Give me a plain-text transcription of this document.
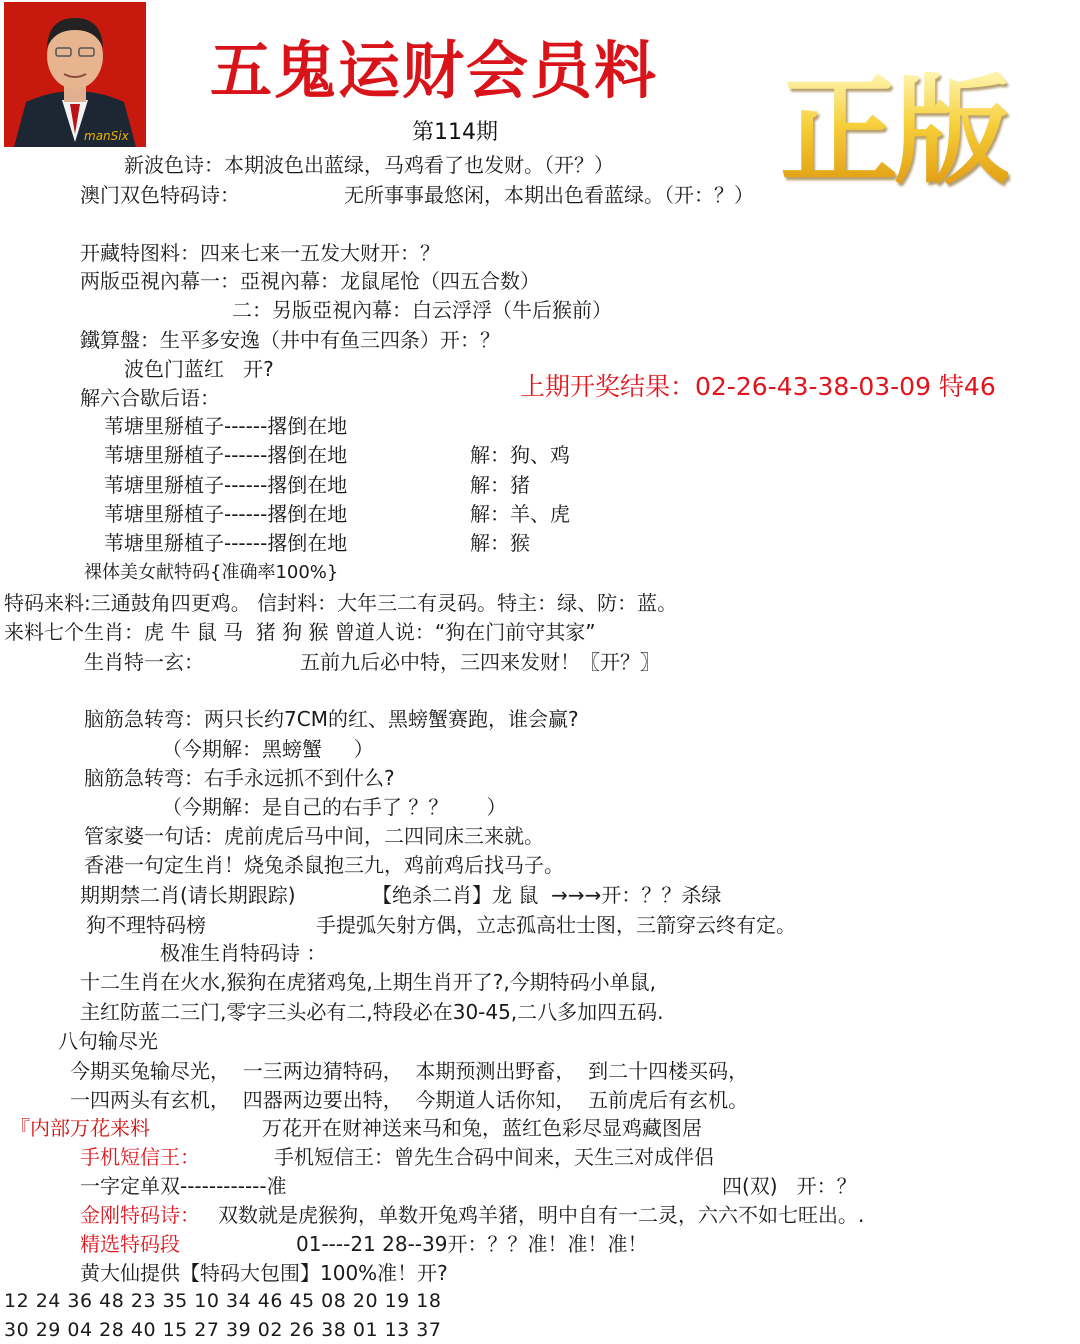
manSix
五鬼运财会员料
第114期 正版
上期开奖结果：02-26-43-38-03-09 特46
新波色诗：本期波色出蓝绿，马鸡看了也发财。（开？）
澳门双色特码诗：	无所事事最悠闲，本期出色看蓝绿。（开：？）
开藏特图料：四来七来一五发大财开：？
两版亞視內幕一：亞視內幕：龙鼠尾怆（四五合数）
二：另版亞視內幕：白云浮浮（牛后猴前）
鐵算盤：生平多安逸（井中有鱼三四条）开：？
波色门蓝红   开?
解六合歇后语：
苇塘里掰植子------撂倒在地
苇塘里掰植子------撂倒在地	解：狗、鸡
苇塘里掰植子------撂倒在地	解：猪
苇塘里掰植子------撂倒在地	解：羊、虎
苇塘里掰植子------撂倒在地	解：猴
裸体美女献特码{准确率100%}
特码来料:三通鼓角四更鸡。 信封料：大年三二有灵码。特主：绿、防：蓝。
来料七个生肖：虎 牛 鼠 马  猪 狗 猴 曾道人说：“狗在门前守其家”
生肖特一玄：	五前九后必中特，三四来发财！〖开？〗
脑筋急转弯：两只长约7CM的红、黑螃蟹赛跑，谁会赢?
（今期解：黑螃蟹     ）
脑筋急转弯：右手永远抓不到什么?
（今期解：是自己的右手了 ？？      ）
管家婆一句话：虎前虎后马中间，二四同床三来就。
香港一句定生肖！烧兔杀鼠抱三九，鸡前鸡后找马子。
期期禁二肖(请长期跟踪)	【绝杀二肖】龙 鼠  →→→开：？？杀绿
狗不理特码榜	手提弧矢射方偶，立志孤高壮士图，三箭穿云终有定。
极准生肖特码诗 ：
十二生肖在火水,猴狗在虎猪鸡兔,上期生肖开了?,今期特码小单鼠,
主红防蓝二三门,零字三头必有二,特段必在30-45,二八多加四五码.
八句输尽光
今期买兔输尽光，  一三两边猜特码，  本期预测出野畜，  到二十四楼买码，
一四两头有玄机，  四器两边要出特，  今期道人话你知，  五前虎后有玄机。
『内部万花来料	万花开在财神送来马和兔，蓝红色彩尽显鸡藏图居
手机短信王：	手机短信王：曾先生合码中间来，天生三对成伴侣
一字定单双------------准	四(双)   开：？
金刚特码诗： 双数就是虎猴狗，单数开兔鸡羊猪，明中自有一二灵，六六不如七旺出。.
精选特码段	01----21 28--39开：？？准！准！准！
黄大仙提供【特码大包围】100%准！开?
12 24 36 48 23 35 10 34 46 45 08 20 19 18
30 29 04 28 40 15 27 39 02 26 38 01 13 37
